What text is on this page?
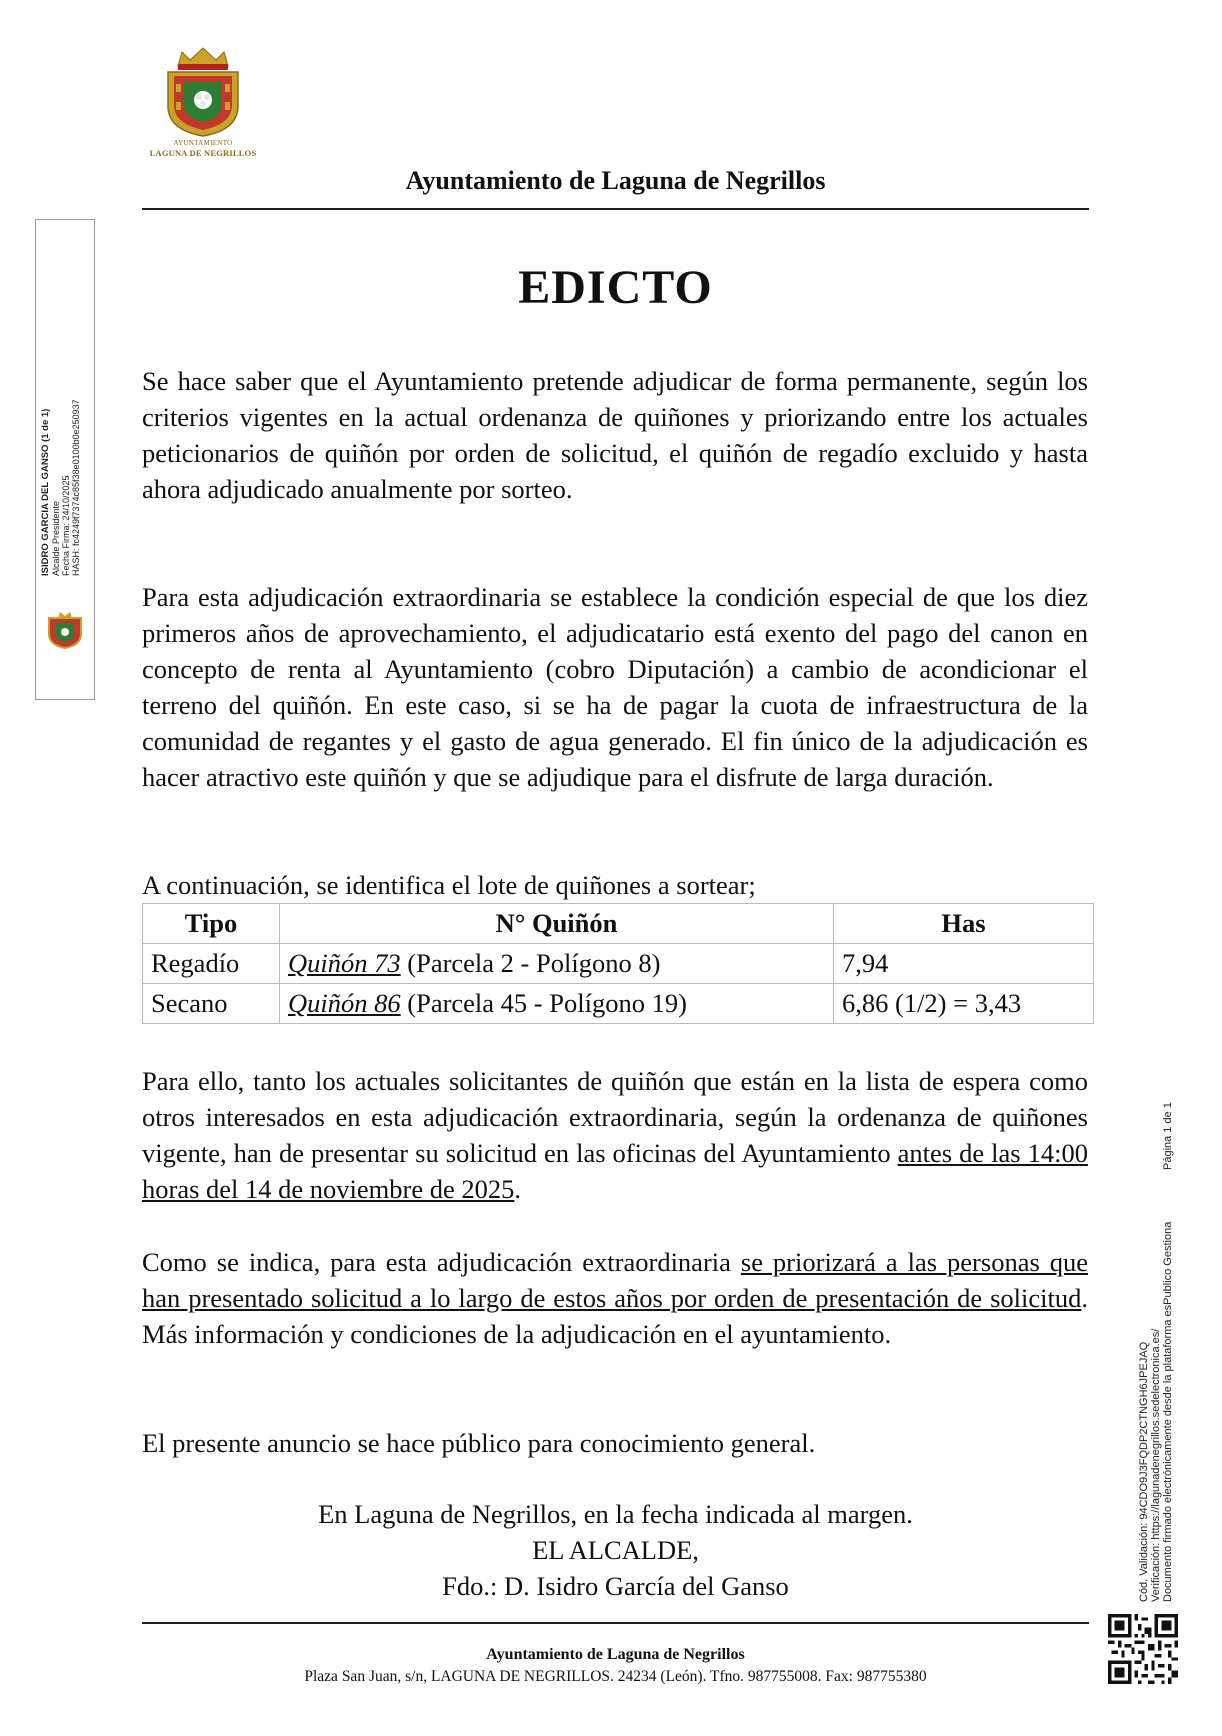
AYUNTAMIENTO
LAGUNA DE NEGRILLOS
Ayuntamiento de Laguna de Negrillos
EDICTO

Se hace saber que el Ayuntamiento pretende adjudicar de forma permanente, según los criterios vigentes en la actual ordenanza de quiñones y priorizando entre los actuales peticionarios de quiñón por orden de solicitud, el quiñón de regadío excluido y hasta ahora adjudicado anualmente por sorteo.

Para esta adjudicación extraordinaria se establece la condición especial de que los diez primeros años de aprovechamiento, el adjudicatario está exento del pago del canon en concepto de renta al Ayuntamiento (cobro Diputación) a cambio de acondicionar el terreno del quiñón. En este caso, si se ha de pagar la cuota de infraestructura de la comunidad de regantes y el gasto de agua generado. El fin único de la adjudicación es hacer atractivo este quiñón y que se adjudique para el disfrute de larga duración.

A continuación, se identifica el lote de quiñones a sortear;
Tipo	N° Quiñón	Has
Regadío	Quiñón 73 (Parcela 2 - Polígono 8)	7,94
Secano	Quiñón 86 (Parcela 45 - Polígono 19)	6,86 (1/2) = 3,43

Para ello, tanto los actuales solicitantes de quiñón que están en la lista de espera como otros interesados en esta adjudicación extraordinaria, según la ordenanza de quiñones vigente, han de presentar su solicitud en las oficinas del Ayuntamiento antes de las 14:00 horas del 14 de noviembre de 2025.

Como se indica, para esta adjudicación extraordinaria se priorizará a las personas que han presentado solicitud a lo largo de estos años por orden de presentación de solicitud. Más información y condiciones de la adjudicación en el ayuntamiento.

El presente anuncio se hace público para conocimiento general.

En Laguna de Negrillos, en la fecha indicada al margen.
EL ALCALDE,
Fdo.: D. Isidro García del Ganso
Ayuntamiento de Laguna de Negrillos
Plaza San Juan, s/n, LAGUNA DE NEGRILLOS. 24234 (León). Tfno. 987755008. Fax: 987755380
ISIDRO GARCIA DEL GANSO (1 de 1) Alcalde Presidente Fecha Firma: 24/10/2025 HASH: fc4249f7374c85f38e0100b0e250937
Cód. Validación: 94CDO9J3FQDP2CTNGH6JPEJAQ Verificación: https://lagunadenegrillos.sedelectronica.es/ Documento firmado electrónicamente desde la plataforma esPublico Gestiona
Página 1 de 1
